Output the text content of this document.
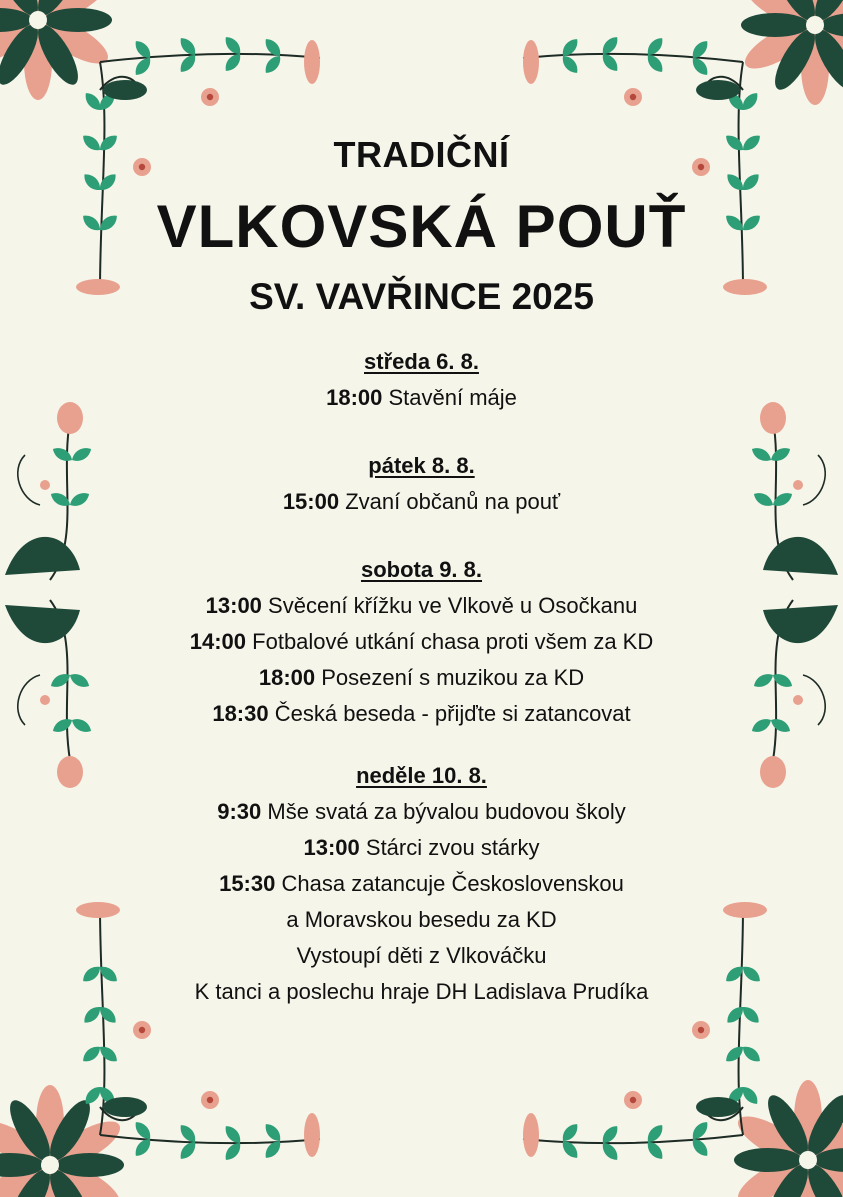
TRADIČNÍ
VLKOVSKÁ POUŤ
SV. VAVŘINCE 2025
středa 6. 8.
18:00 Stavění máje
pátek 8. 8.
15:00 Zvaní občanů na pouť
sobota 9. 8.
13:00 Svěcení křížku ve Vlkově u Osočkanu
14:00 Fotbalové utkání chasa proti všem za KD
18:00 Posezení s muzikou za KD
18:30 Česká beseda - přijďte si zatancovat
neděle 10. 8.
9:30 Mše svatá za bývalou budovou školy
13:00 Stárci zvou stárky
15:30 Chasa zatancuje Československou
a Moravskou besedu za KD
Vystoupí děti z Vlkováčku
K tanci a poslechu hraje DH Ladislava Prudíka
